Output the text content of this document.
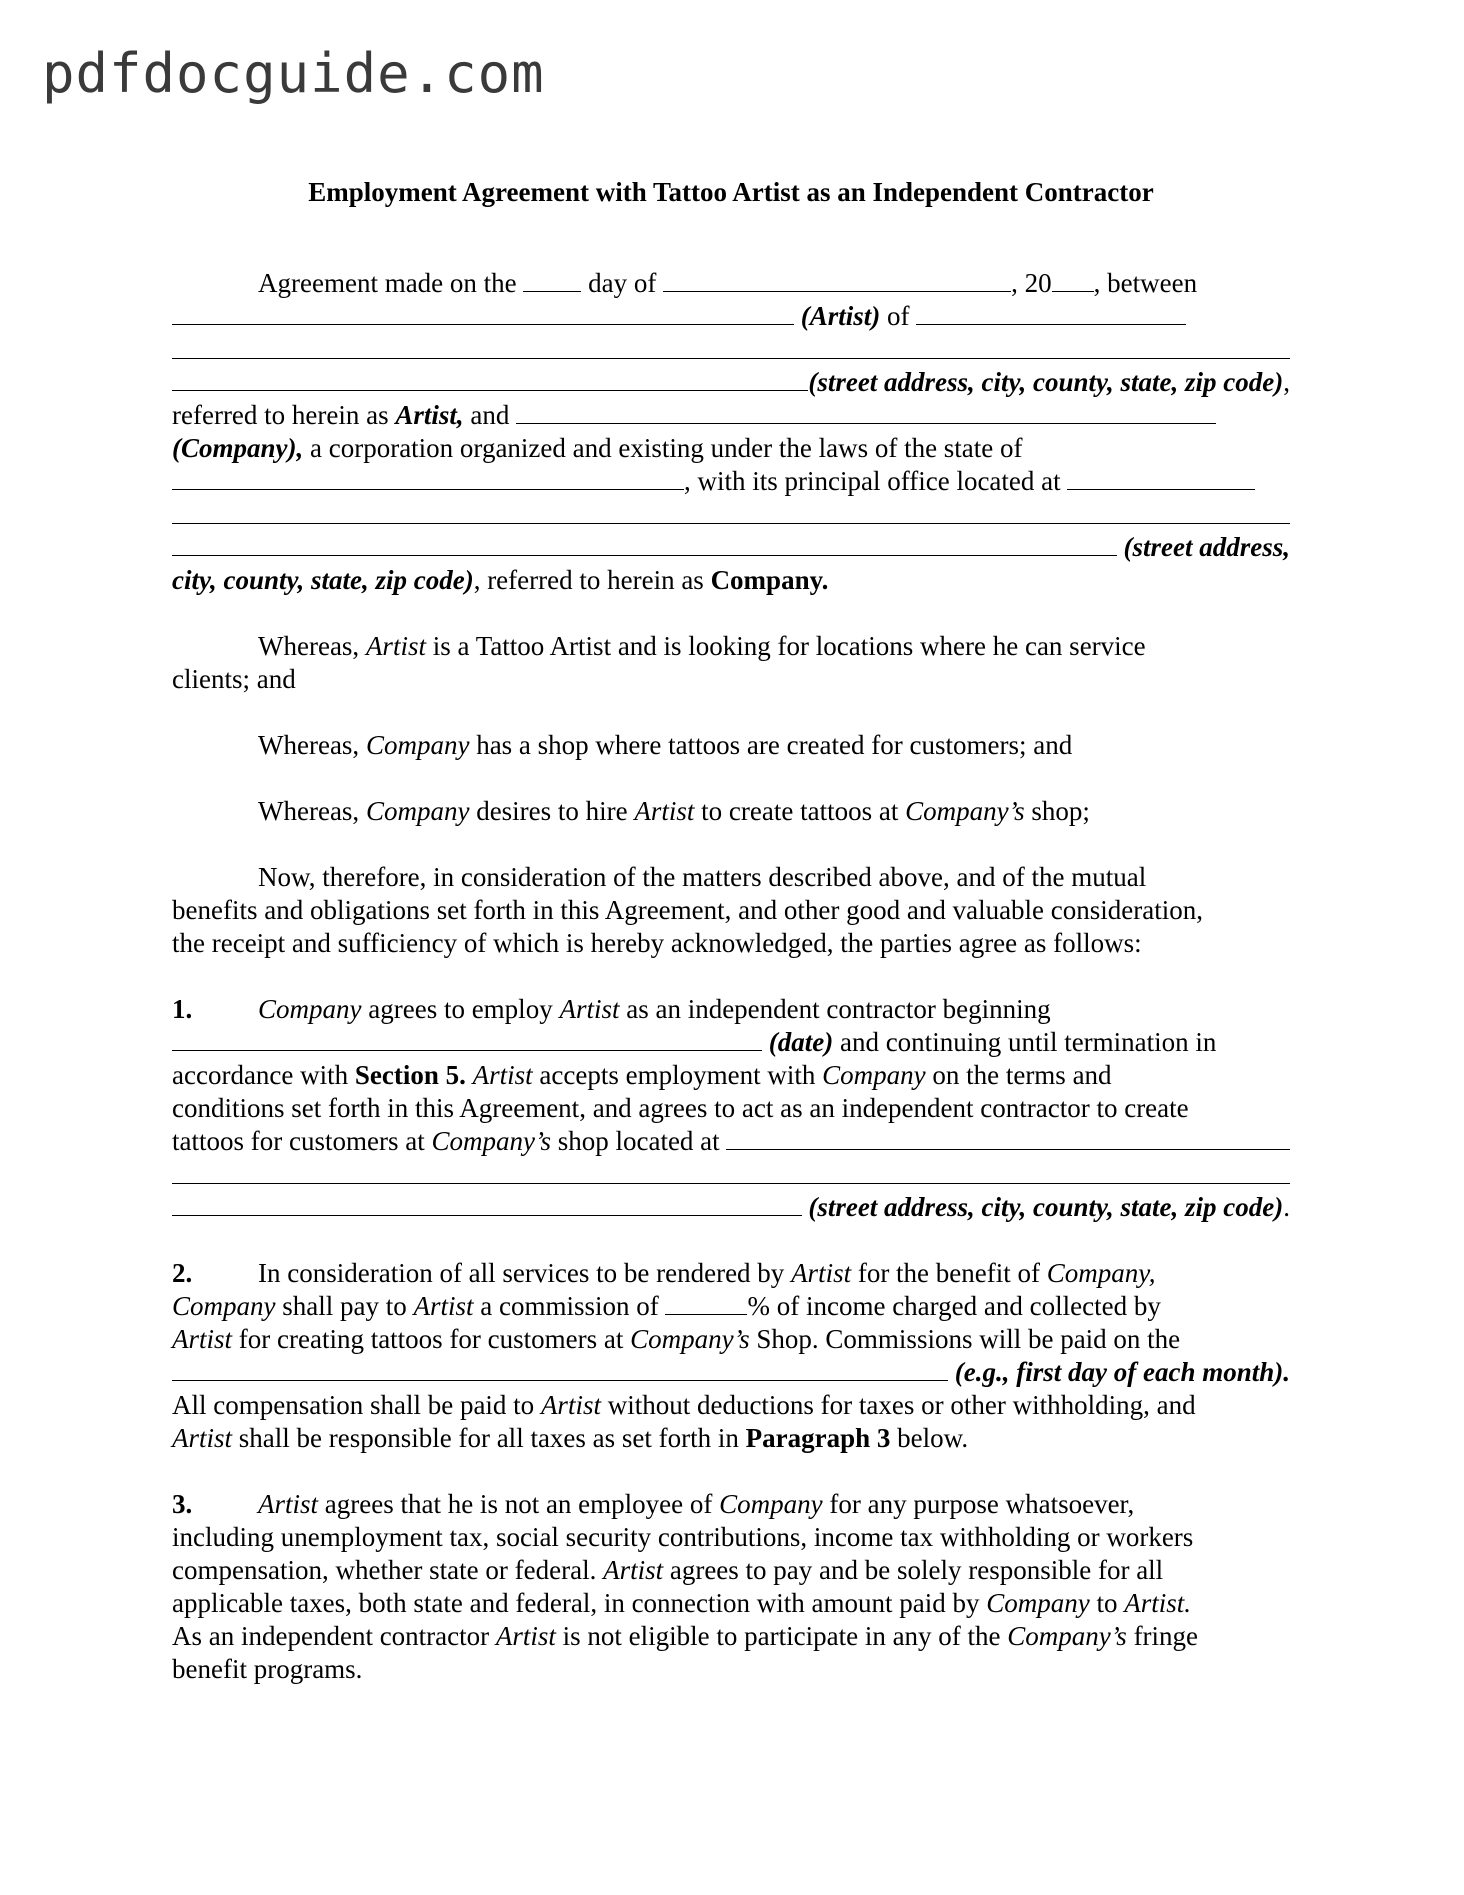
pdfdocguide.com
Employment Agreement with Tattoo Artist as an Independent Contractor
Agreement made on the	day of	, 20 , between
(Artist) of
(street address, city, county, state, zip code) ,
referred to herein as Artist, and
(Company), a corporation organized and existing under the laws of the state of
, with its principal office located at

(street address,
city, county, state, zip code), referred to herein as Company.
Whereas, Artist is a Tattoo Artist and is looking for locations where he can service
clients; and
Whereas, Company has a shop where tattoos are created for customers; and
Whereas, Company desires to hire Artist to create tattoos at Company’s shop;
Now, therefore, in consideration of the matters described above, and of the mutual
benefits and obligations set forth in this Agreement, and other good and valuable consideration,
the receipt and sufficiency of which is hereby acknowledged, the parties agree as follows:
1. Company agrees to employ Artist as an independent contractor beginning
(date) and continuing until termination in
accordance with Section 5. Artist accepts employment with Company on the terms and
conditions set forth in this Agreement, and agrees to act as an independent contractor to create
tattoos for customers at
Company’s
shop located at

(street address, city, county, state, zip code) .
2. In consideration of all services to be rendered by Artist for the benefit of Company,
Company shall pay to Artist a commission of	% of income charged and collected by
Artist for creating tattoos for customers at Company’s Shop. Commissions will be paid on the

(e.g., first day of each month).
All compensation shall be paid to Artist without deductions for taxes or other withholding, and
Artist shall be responsible for all taxes as set forth in Paragraph 3 below.
3. Artist agrees that he is not an employee of Company for any purpose whatsoever,
including unemployment tax, social security contributions, income tax withholding or workers
compensation, whether state or federal. Artist agrees to pay and be solely responsible for all
applicable taxes, both state and federal, in connection with amount paid by Company to Artist.
As an independent contractor Artist is not eligible to participate in any of the Company’s fringe
benefit programs.
